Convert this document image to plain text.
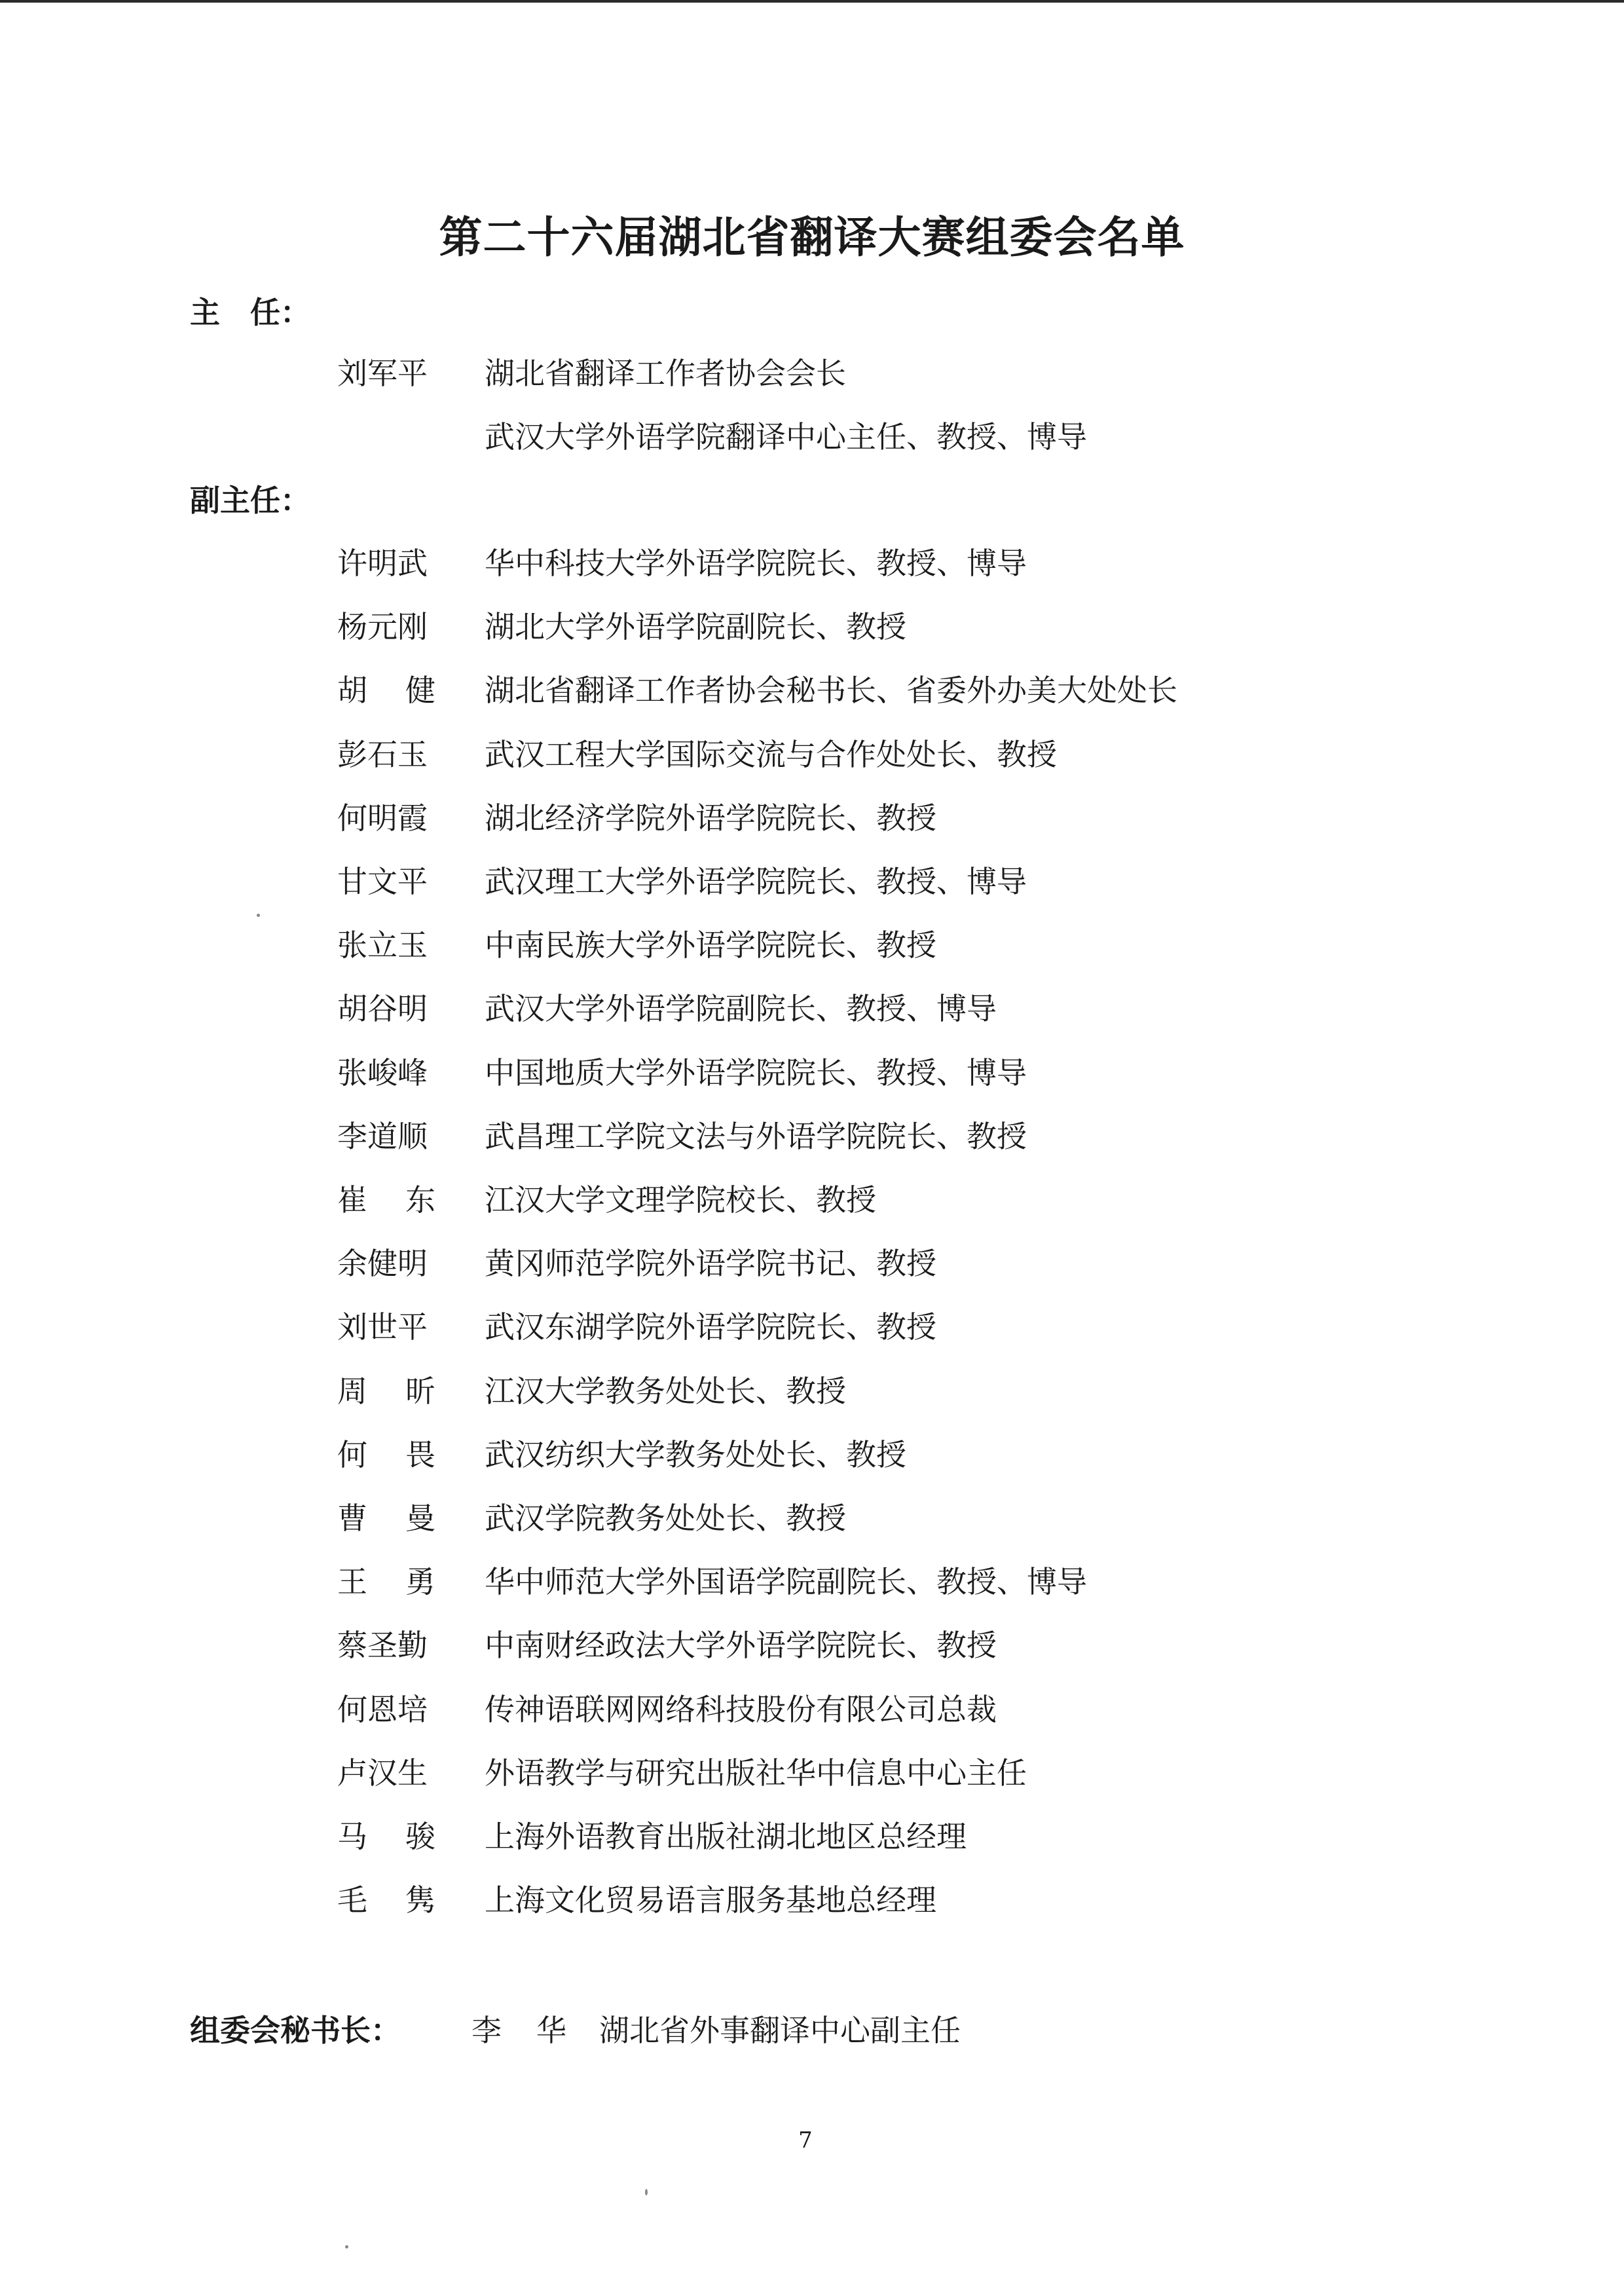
第二十六届湖北省翻译大赛组委会名单
主　任：
刘军平 湖北省翻译工作者协会会长
武汉大学外语学院翻译中心主任、教授、博导
副主任：
许明武 华中科技大学外语学院院长、教授、博导
杨元刚 湖北大学外语学院副院长、教授
胡健 湖北省翻译工作者协会秘书长、省委外办美大处处长
彭石玉 武汉工程大学国际交流与合作处处长、教授
何明霞 湖北经济学院外语学院院长、教授
甘文平 武汉理工大学外语学院院长、教授、博导
张立玉 中南民族大学外语学院院长、教授
胡谷明 武汉大学外语学院副院长、教授、博导
张峻峰 中国地质大学外语学院院长、教授、博导
李道顺 武昌理工学院文法与外语学院院长、教授
崔东 江汉大学文理学院校长、教授
余健明 黄冈师范学院外语学院书记、教授
刘世平 武汉东湖学院外语学院院长、教授
周昕 江汉大学教务处处长、教授
何畏 武汉纺织大学教务处处长、教授
曹曼 武汉学院教务处处长、教授
王勇 华中师范大学外国语学院副院长、教授、博导
蔡圣勤 中南财经政法大学外语学院院长、教授
何恩培 传神语联网网络科技股份有限公司总裁
卢汉生 外语教学与研究出版社华中信息中心主任
马骏 上海外语教育出版社湖北地区总经理
毛隽 上海文化贸易语言服务基地总经理
组委会秘书长： 李华 湖北省外事翻译中心副主任
7
